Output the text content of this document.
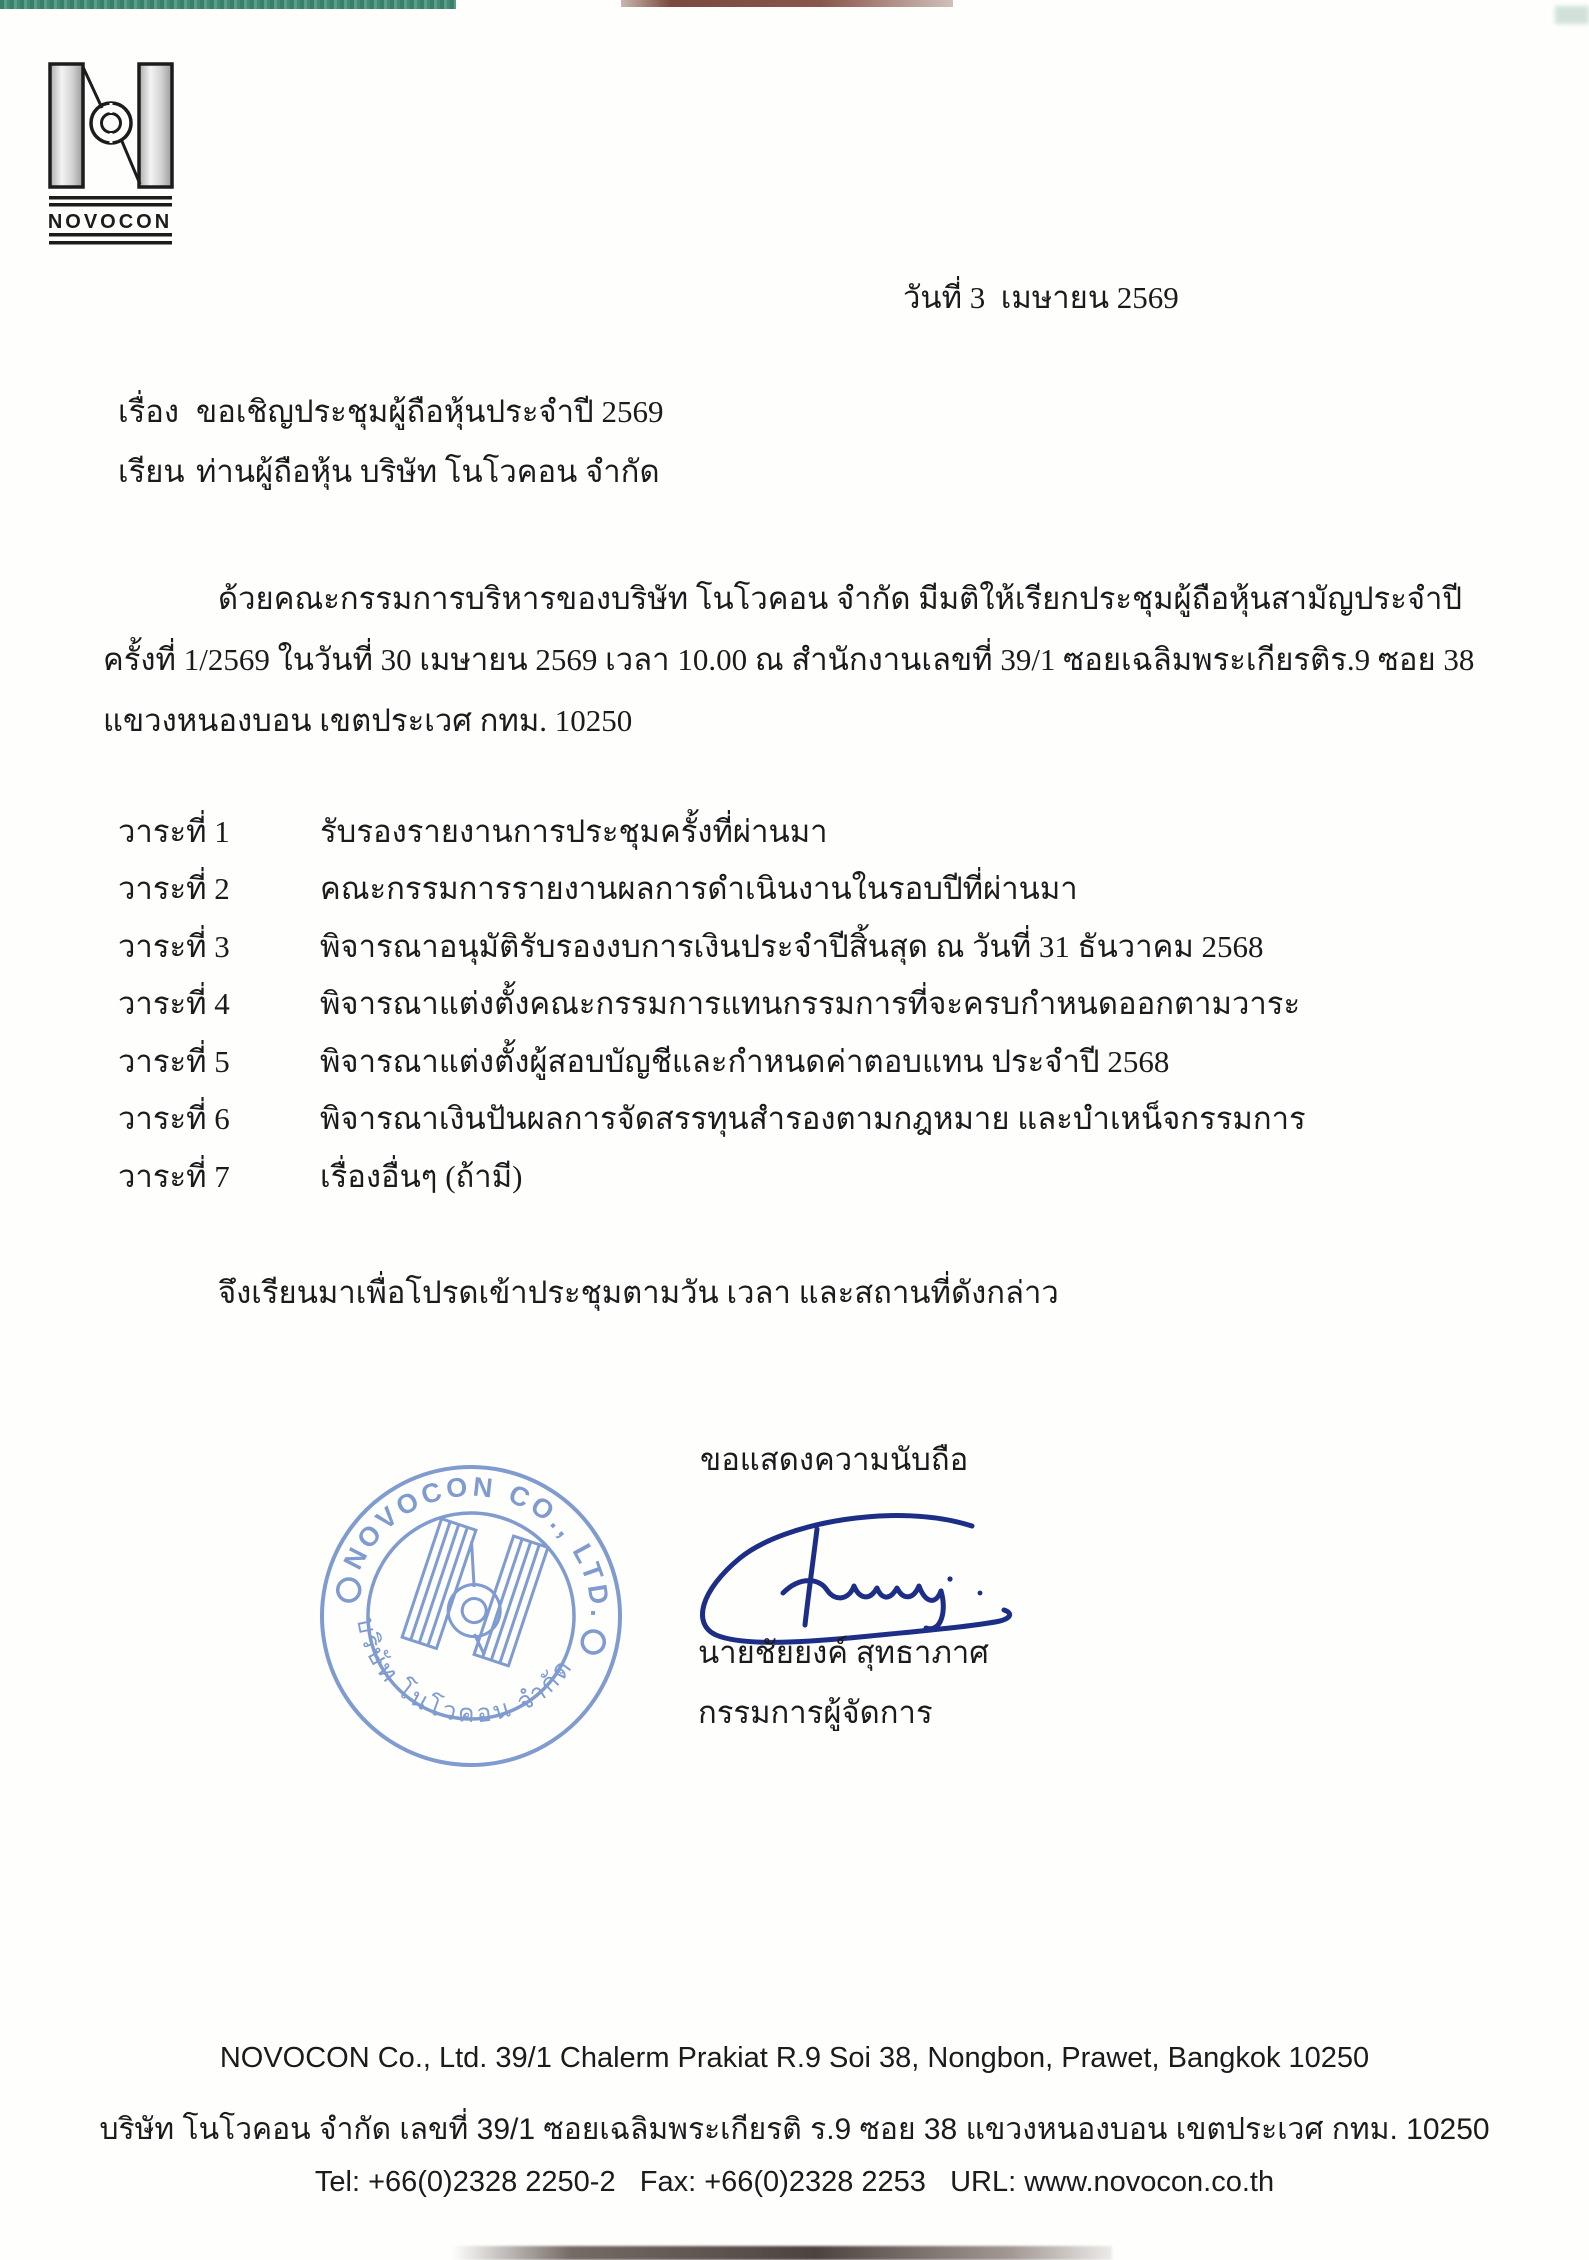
NOVOCON
วันที่ 3  เมษายน 2569
เรื่อง ขอเชิญประชุมผู้ถือหุ้นประจำปี 2569
เรียน ท่านผู้ถือหุ้น บริษัท โนโวคอน จำกัด
ด้วยคณะกรรมการบริหารของบริษัท โนโวคอน จำกัด มีมติให้เรียกประชุมผู้ถือหุ้นสามัญประจำปี
ครั้งที่ 1/2569 ในวันที่ 30 เมษายน 2569 เวลา 10.00 ณ สำนักงานเลขที่ 39/1 ซอยเฉลิมพระเกียรติร.9 ซอย 38
แขวงหนองบอน เขตประเวศ กทม. 10250
วาระที่ 1	รับรองรายงานการประชุมครั้งที่ผ่านมา
วาระที่ 2	คณะกรรมการรายงานผลการดำเนินงานในรอบปีที่ผ่านมา
วาระที่ 3	พิจารณาอนุมัติรับรองงบการเงินประจำปีสิ้นสุด ณ วันที่ 31 ธันวาคม 2568
วาระที่ 4	พิจารณาแต่งตั้งคณะกรรมการแทนกรรมการที่จะครบกำหนดออกตามวาระ
วาระที่ 5	พิจารณาแต่งตั้งผู้สอบบัญชีและกำหนดค่าตอบแทน ประจำปี 2568
วาระที่ 6	พิจารณาเงินปันผลการจัดสรรทุนสำรองตามกฎหมาย และบำเหน็จกรรมการ
วาระที่ 7	เรื่องอื่นๆ (ถ้ามี)
จึงเรียนมาเพื่อโปรดเข้าประชุมตามวัน เวลา และสถานที่ดังกล่าว
ขอแสดงความนับถือ
NOVOCON CO., LTD.
บริษัท โนโวคอน จำกัด	นายชัยยงค์ สุทธาภาศ
กรรมการผู้จัดการ
NOVOCON Co., Ltd. 39/1 Chalerm Prakiat R.9 Soi 38, Nongbon, Prawet, Bangkok 10250
บริษัท โนโวคอน จำกัด เลขที่ 39/1 ซอยเฉลิมพระเกียรติ ร.9 ซอย 38 แขวงหนองบอน เขตประเวศ กทม. 10250
Tel: +66(0)2328 2250-2   Fax: +66(0)2328 2253   URL: www.novocon.co.th
